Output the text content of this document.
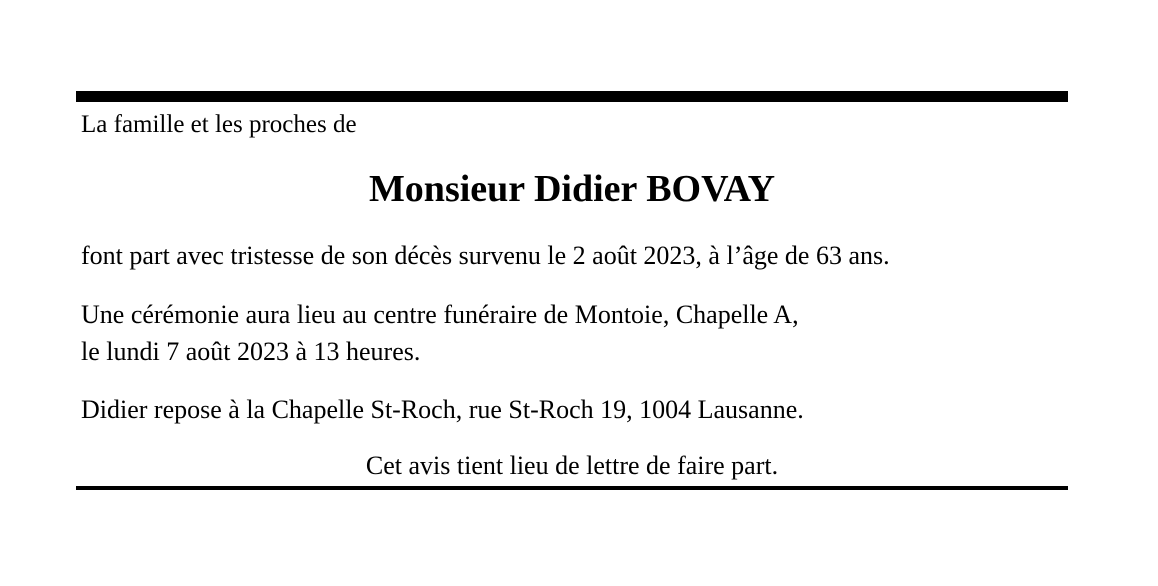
La famille et les proches de

Monsieur Didier BOVAY

font part avec tristesse de son décès survenu le 2 août 2023, à l’âge de 63 ans.

Une cérémonie aura lieu au centre funéraire de Montoie, Chapelle A,

le lundi 7 août 2023 à 13 heures.

Didier repose à la Chapelle St-Roch, rue St-Roch 19, 1004 Lausanne.

Cet avis tient lieu de lettre de faire part.
